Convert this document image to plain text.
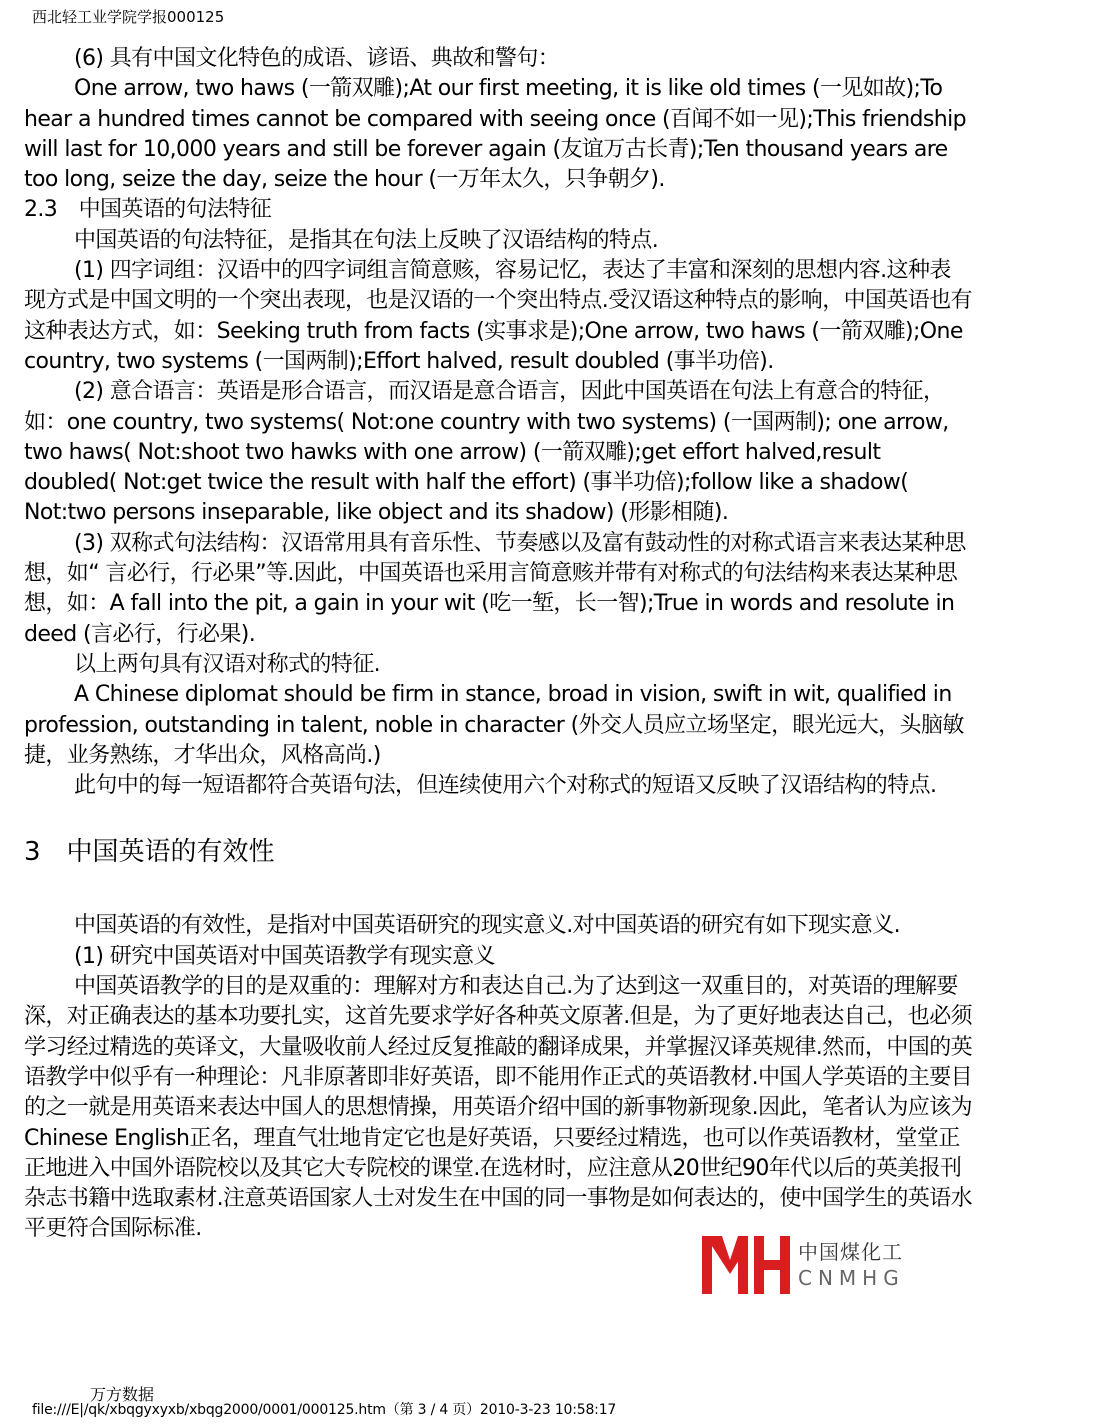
西北轻工业学院学报000125

(6) 具有中国文化特色的成语、谚语、典故和警句：

One arrow, two haws (一箭双雕);At our first meeting, it is like old times (一见如故);To hear a hundred times cannot be compared with seeing once (百闻不如一见);This friendship will last for 10,000 years and still be forever again (友谊万古长青);Ten thousand years are too long, seize the day, seize the hour (一万年太久，只争朝夕).

2.3　中国英语的句法特征

中国英语的句法特征，是指其在句法上反映了汉语结构的特点.

(1) 四字词组：汉语中的四字词组言简意赅，容易记忆，表达了丰富和深刻的思想内容.这种表现方式是中国文明的一个突出表现，也是汉语的一个突出特点.受汉语这种特点的影响，中国英语也有这种表达方式，如：Seeking truth from facts (实事求是);One arrow, two haws (一箭双雕);One country, two systems (一国两制);Effort halved, result doubled (事半功倍).

(2) 意合语言：英语是形合语言，而汉语是意合语言，因此中国英语在句法上有意合的特征，如：one country, two systems( Not:one country with two systems) (一国两制); one arrow, two haws( Not:shoot two hawks with one arrow) (一箭双雕);get effort halved,result doubled( Not:get twice the result with half the effort) (事半功倍);follow like a shadow( Not:two persons inseparable, like object and its shadow) (形影相随).

(3) 双称式句法结构：汉语常用具有音乐性、节奏感以及富有鼓动性的对称式语言来表达某种思想，如“ 言必行，行必果”等.因此，中国英语也采用言简意赅并带有对称式的句法结构来表达某种思想，如：A fall into the pit, a gain in your wit (吃一堑，长一智);True in words and resolute in deed (言必行，行必果).

以上两句具有汉语对称式的特征.

A Chinese diplomat should be firm in stance, broad in vision, swift in wit, qualified in profession, outstanding in talent, noble in character (外交人员应立场坚定，眼光远大，头脑敏捷，业务熟练，才华出众，风格高尚.)

此句中的每一短语都符合英语句法，但连续使用六个对称式的短语又反映了汉语结构的特点.

3　中国英语的有效性

中国英语的有效性，是指对中国英语研究的现实意义.对中国英语的研究有如下现实意义.

(1) 研究中国英语对中国英语教学有现实意义

中国英语教学的目的是双重的：理解对方和表达自己.为了达到这一双重目的，对英语的理解要深，对正确表达的基本功要扎实，这首先要求学好各种英文原著.但是，为了更好地表达自己，也必须学习经过精选的英译文，大量吸收前人经过反复推敲的翻译成果，并掌握汉译英规律.然而，中国的英语教学中似乎有一种理论：凡非原著即非好英语，即不能用作正式的英语教材.中国人学英语的主要目的之一就是用英语来表达中国人的思想情操，用英语介绍中国的新事物新现象.因此，笔者认为应该为Chinese English正名，理直气壮地肯定它也是好英语，只要经过精选，也可以作英语教材，堂堂正正地进入中国外语院校以及其它大专院校的课堂.在选材时，应注意从20世纪90年代以后的英美报刊杂志书籍中选取素材.注意英语国家人士对发生在中国的同一事物是如何表达的，使中国学生的英语水平更符合国际标准.

中国煤化工
CNMHG
万方数据
file:///E|/qk/xbqgyxyxb/xbqg2000/0001/000125.htm（第 3 / 4 页）2010-3-23 10:58:17
